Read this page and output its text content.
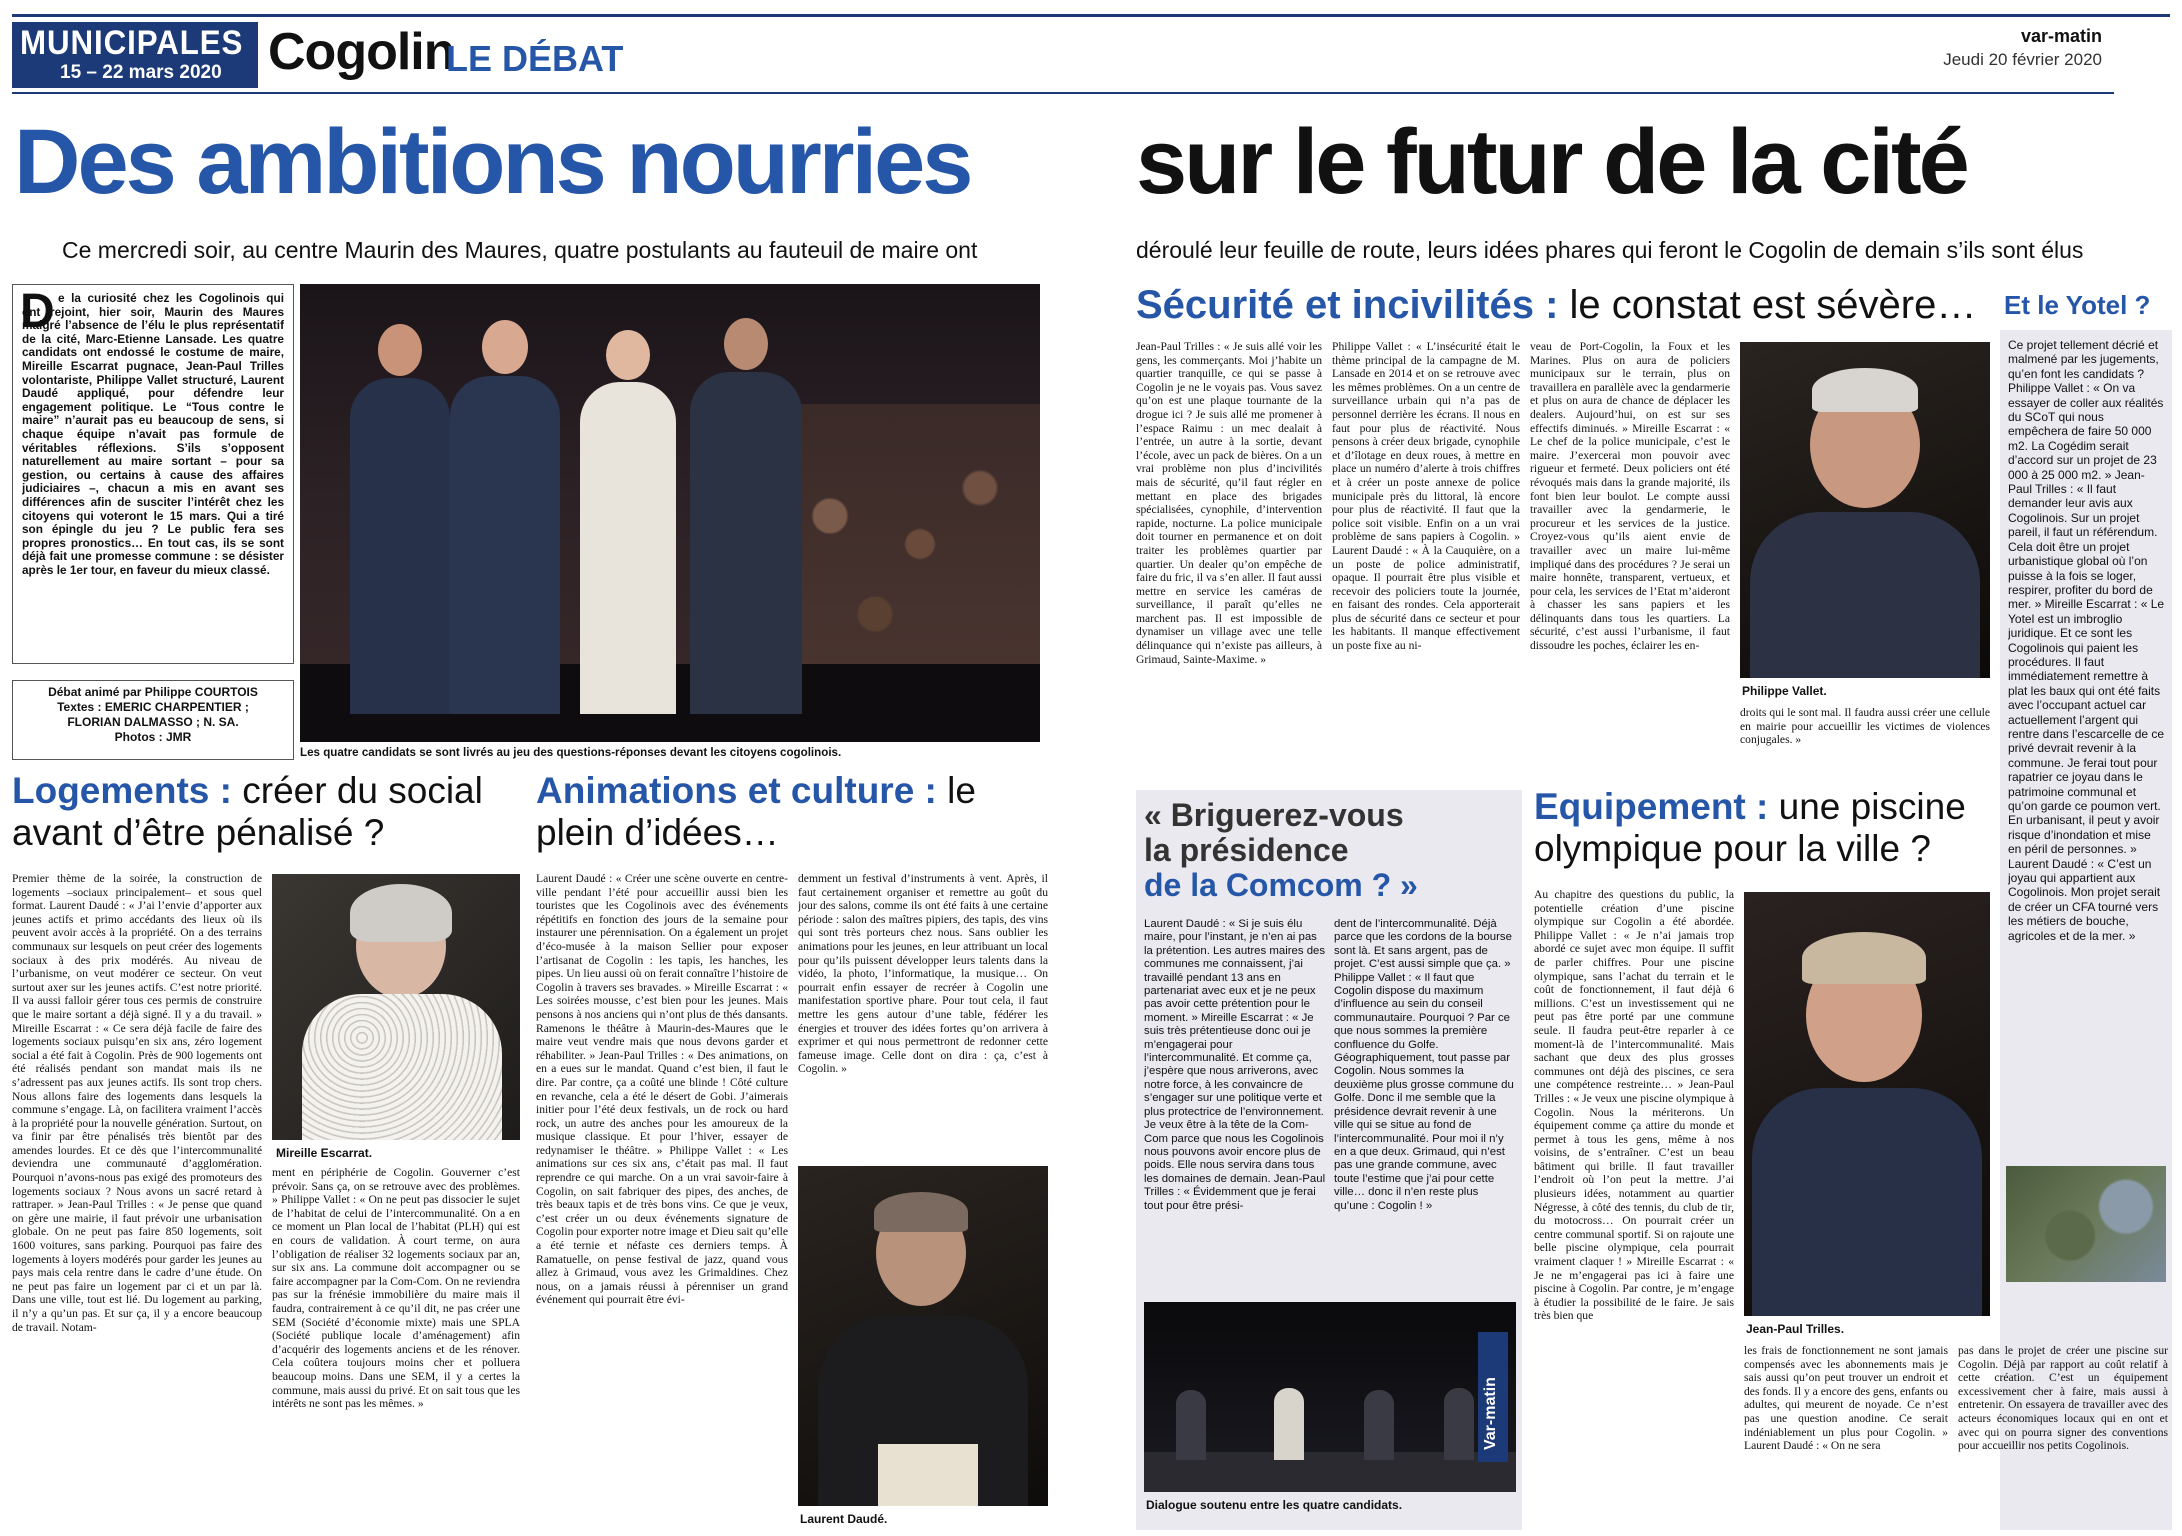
MUNICIPALES
15 – 22 mars 2020 Cogolin
LE DÉBAT
var-matin
Jeudi 20 février 2020
Des ambitions nourries sur le futur de la cité
Ce mercredi soir, au centre Maurin des Maures, quatre postulants au fauteuil de maire ont	déroulé leur feuille de route, leurs idées phares qui feront le Cogolin de demain s’ils sont élus
D e la curiosité chez les Cogolinois qui ont rejoint, hier soir, Maurin des Maures malgré l’absence de l’élu le plus représentatif de la cité, Marc-Etienne Lansade. Les quatre candidats ont endossé le costume de maire, Mireille Escarrat pugnace, Jean-Paul Trilles volontariste, Philippe Vallet structuré, Laurent Daudé appliqué, pour défendre leur engagement politique. Le “Tous contre le maire” n’aurait pas eu beaucoup de sens, si chaque équipe n’avait pas formule de véritables réflexions. S’ils s’opposent naturellement au maire sortant – pour sa gestion, ou certains à cause des affaires judiciaires –, chacun a mis en avant ses différences afin de susciter l’intérêt chez les citoyens qui voteront le 15 mars. Qui a tiré son épingle du jeu ? Le public fera ses propres pronostics… En tout cas, ils se sont déjà fait une promesse commune : se désister après le 1er tour, en faveur du mieux classé.
Débat animé par Philippe COURTOIS
Textes : EMERIC CHARPENTIER ;
FLORIAN DALMASSO ; N. SA.
Photos : JMR
Les quatre candidats se sont livrés au jeu des questions-réponses devant les citoyens cogolinois.
Logements : créer du social avant d’être pénalisé ?
Premier thème de la soirée, la construction de logements –sociaux principalement– et sous quel format. Laurent Daudé : « J’ai l’envie d’apporter aux jeunes actifs et primo accédants des lieux où ils peuvent avoir accès à la propriété. On a des terrains communaux sur lesquels on peut créer des logements sociaux à des prix modérés. Au niveau de l’urbanisme, on veut modérer ce secteur. On veut surtout axer sur les jeunes actifs. C’est notre priorité. Il va aussi falloir gérer tous ces permis de construire que le maire sortant a déjà signé. Il y a du travail. » Mireille Escarrat : « Ce sera déjà facile de faire des logements sociaux puisqu’en six ans, zéro logement social a été fait à Cogolin. Près de 900 logements ont été réalisés pendant son mandat mais ils ne s’adressent pas aux jeunes actifs. Ils sont trop chers. Nous allons faire des logements dans lesquels la commune s’engage. Là, on facilitera vraiment l’accès à la propriété pour la nouvelle génération. Surtout, on va finir par être pénalisés très bientôt par des amendes lourdes. Et ce dès que l’intercommunalité deviendra une communauté d’agglomération. Pourquoi n’avons-nous pas exigé des promoteurs des logements sociaux ? Nous avons un sacré retard à rattraper. » Jean-Paul Trilles : « Je pense que quand on gère une mairie, il faut prévoir une urbanisation globale. On ne peut pas faire 850 logements, soit 1600 voitures, sans parking. Pourquoi pas faire des logements à loyers modérés pour garder les jeunes au pays mais cela rentre dans le cadre d’une étude. On ne peut pas faire un logement par ci et un par là. Dans une ville, tout est lié. Du logement au parking, il n’y a qu’un pas. Et sur ça, il y a encore beaucoup de travail. Notam-
Mireille Escarrat.
ment en périphérie de Cogolin. Gouverner c’est prévoir. Sans ça, on se retrouve avec des problèmes. » Philippe Vallet : « On ne peut pas dissocier le sujet de l’habitat de celui de l’intercommunalité. On a en ce moment un Plan local de l’habitat (PLH) qui est en cours de validation. À court terme, on aura l’obligation de réaliser 32 logements sociaux par an, sur six ans. La commune doit accompagner ou se faire accompagner par la Com-Com. On ne reviendra pas sur la frénésie immobilière du maire mais il faudra, contrairement à ce qu’il dit, ne pas créer une SEM (Société d’économie mixte) mais une SPLA (Société publique locale d’aménagement) afin d’acquérir des logements anciens et de les rénover. Cela coûtera toujours moins cher et polluera beaucoup moins. Dans une SEM, il y a certes la commune, mais aussi du privé. Et on sait tous que les intérêts ne sont pas les mêmes. »
Animations et culture : le plein d’idées…
Laurent Daudé : « Créer une scène ouverte en centre-ville pendant l’été pour accueillir aussi bien les touristes que les Cogolinois avec des événements répétitifs en fonction des jours de la semaine pour instaurer une pérennisation. On a également un projet d’éco-musée à la maison Sellier pour exposer l’artisanat de Cogolin : les tapis, les hanches, les pipes. Un lieu aussi où on ferait connaître l’histoire de Cogolin à travers ses bravades. » Mireille Escarrat : « Les soirées mousse, c’est bien pour les jeunes. Mais pensons à nos anciens qui n’ont plus de thés dansants. Ramenons le théâtre à Maurin-des-Maures que le maire veut vendre mais que nous devons garder et réhabiliter. » Jean-Paul Trilles : « Des animations, on en a eues sur le mandat. Quand c’est bien, il faut le dire. Par contre, ça a coûté une blinde ! Côté culture en revanche, cela a été le désert de Gobi. J’aimerais initier pour l’été deux festivals, un de rock ou hard rock, un autre des anches pour les amoureux de la musique classique. Et pour l’hiver, essayer de redynamiser le théâtre. » Philippe Vallet : « Les animations sur ces six ans, c’était pas mal. Il faut reprendre ce qui marche. On a un vrai savoir-faire à Cogolin, on sait fabriquer des pipes, des anches, de très beaux tapis et de très bons vins. Ce que je veux, c’est créer un ou deux événements signature de Cogolin pour exporter notre image et Dieu sait qu’elle a été ternie et néfaste ces derniers temps. À Ramatuelle, on pense festival de jazz, quand vous allez à Grimaud, vous avez les Grimaldines. Chez nous, on a jamais réussi à pérenniser un grand événement qui pourrait être évi-
demment un festival d’instruments à vent. Après, il faut certainement organiser et remettre au goût du jour des salons, comme ils ont été faits à une certaine période : salon des maîtres pipiers, des tapis, des vins qui sont très porteurs chez nous. Sans oublier les animations pour les jeunes, en leur attribuant un local pour qu’ils puissent développer leurs talents dans la vidéo, la photo, l’informatique, la musique… On pourrait enfin essayer de recréer à Cogolin une manifestation sportive phare. Pour tout cela, il faut mettre les gens autour d’une table, fédérer les énergies et trouver des idées fortes qu’on arrivera à exprimer et qui nous permettront de redonner cette fameuse image. Celle dont on dira : ça, c’est à Cogolin. »
Laurent Daudé.
Sécurité et incivilités : le constat est sévère…
Jean-Paul Trilles : « Je suis allé voir les gens, les commerçants. Moi j’habite un quartier tranquille, ce qui se passe à Cogolin je ne le voyais pas. Vous savez qu’on est une plaque tournante de la drogue ici ? Je suis allé me promener à l’espace Raimu : un mec dealait à l’entrée, un autre à la sortie, devant l’école, avec un pack de bières. On a un vrai problème non plus d’incivilités mais de sécurité, qu’il faut régler en mettant en place des brigades spécialisées, cynophile, d’intervention rapide, nocturne. La police municipale doit tourner en permanence et on doit traiter les problèmes quartier par quartier. Un dealer qu’on empêche de faire du fric, il va s’en aller. Il faut aussi mettre en service les caméras de surveillance, il paraît qu’elles ne marchent pas. Il est impossible de dynamiser un village avec une telle délinquance qui n’existe pas ailleurs, à Grimaud, Sainte-Maxime. »
Philippe Vallet : « L’insécurité était le thème principal de la campagne de M. Lansade en 2014 et on se retrouve avec les mêmes problèmes. On a un centre de surveillance urbain qui n’a pas de personnel derrière les écrans. Il nous en faut pour plus de réactivité. Nous pensons à créer deux brigade, cynophile et d’îlotage en deux roues, à mettre en place un numéro d’alerte à trois chiffres et à créer un poste annexe de police municipale près du littoral, là encore pour plus de réactivité. Il faut que la police soit visible. Enfin on a un vrai problème de sans papiers à Cogolin. » Laurent Daudé : « À la Cauquière, on a un poste de police administratif, opaque. Il pourrait être plus visible et recevoir des policiers toute la journée, en faisant des rondes. Cela apporterait plus de sécurité dans ce secteur et pour les habitants. Il manque effectivement un poste fixe au ni-
veau de Port-Cogolin, la Foux et les Marines. Plus on aura de policiers municipaux sur le terrain, plus on travaillera en parallèle avec la gendarmerie et plus on aura de chance de déplacer les dealers. Aujourd’hui, on est sur ses effectifs diminués. » Mireille Escarrat : « Le chef de la police municipale, c’est le maire. J’exercerai mon pouvoir avec rigueur et fermeté. Deux policiers ont été révoqués mais dans la grande majorité, ils font bien leur boulot. Le compte aussi travailler avec la gendarmerie, le procureur et les services de la justice. Croyez-vous qu’ils aient envie de travailler avec un maire lui-même impliqué dans des procédures ? Je serai un maire honnête, transparent, vertueux, et pour cela, les services de l’Etat m’aideront à chasser les sans papiers et les délinquants dans tous les quartiers. La sécurité, c’est aussi l’urbanisme, il faut dissoudre les poches, éclairer les en-
Philippe Vallet.
droits qui le sont mal. Il faudra aussi créer une cellule en mairie pour accueillir les victimes de violences conjugales. »
Et le Yotel ?
Ce projet tellement décrié et malmené par les jugements, qu’en font les candidats ? Philippe Vallet : « On va essayer de coller aux réalités du SCoT qui nous empêchera de faire 50 000 m2. La Cogédim serait d’accord sur un projet de 23 000 à 25 000 m2. » Jean-Paul Trilles : « Il faut demander leur avis aux Cogolinois. Sur un projet pareil, il faut un référendum. Cela doit être un projet urbanistique global où l’on puisse à la fois se loger, respirer, profiter du bord de mer. » Mireille Escarrat : « Le Yotel est un imbroglio juridique. Et ce sont les Cogolinois qui paient les procédures. Il faut immédiatement remettre à plat les baux qui ont été faits avec l’occupant actuel car actuellement l’argent qui rentre dans l’escarcelle de ce privé devrait revenir à la commune. Je ferai tout pour rapatrier ce joyau dans le patrimoine communal et qu’on garde ce poumon vert. En urbanisant, il peut y avoir risque d’inondation et mise en péril de personnes. » Laurent Daudé : « C’est un joyau qui appartient aux Cogolinois. Mon projet serait de créer un CFA tourné vers les métiers de bouche, agricoles et de la mer. »
« Briguerez-vous
la présidence
de la Comcom ? »
Laurent Daudé : « Si je suis élu maire, pour l’instant, je n’en ai pas la prétention. Les autres maires des communes me connaissent, j’ai travaillé pendant 13 ans en partenariat avec eux et je ne peux pas avoir cette prétention pour le moment. » Mireille Escarrat : « Je suis très prétentieuse donc oui je m’engagerai pour l’intercommunalité. Et comme ça, j’espère que nous arriverons, avec notre force, à les convaincre de s’engager sur une politique verte et plus protectrice de l’environnement. Je veux être à la tête de la Com-Com parce que nous les Cogolinois nous pouvons avoir encore plus de poids. Elle nous servira dans tous les domaines de demain. Jean-Paul Trilles : « Évidemment que je ferai tout pour être prési-
dent de l’intercommunalité. Déjà parce que les cordons de la bourse sont là. Et sans argent, pas de projet. C’est aussi simple que ça. » Philippe Vallet : « Il faut que Cogolin dispose du maximum d’influence au sein du conseil communautaire. Pourquoi ? Par ce que nous sommes la première confluence du Golfe. Géographiquement, tout passe par Cogolin. Nous sommes la deuxième plus grosse commune du Golfe. Donc il me semble que la présidence devrait revenir à une ville qui se situe au fond de l’intercommunalité. Pour moi il n’y en a que deux. Grimaud, qui n’est pas une grande commune, avec toute l’estime que j’ai pour cette ville… donc il n’en reste plus qu’une : Cogolin ! »
Var-matin
Dialogue soutenu entre les quatre candidats.
Equipement : une piscine olympique pour la ville ?
Au chapitre des questions du public, la potentielle création d’une piscine olympique sur Cogolin a été abordée. Philippe Vallet : « Je n’ai jamais trop abordé ce sujet avec mon équipe. Il suffit de parler chiffres. Pour une piscine olympique, sans l’achat du terrain et le coût de fonctionnement, il faut déjà 6 millions. C’est un investissement qui ne peut pas être porté par une commune seule. Il faudra peut-être reparler à ce moment-là de l’intercommunalité. Mais sachant que deux des plus grosses communes ont déjà des piscines, ce sera une compétence restreinte… » Jean-Paul Trilles : « Je veux une piscine olympique à Cogolin. Nous la mériterons. Un équipement comme ça attire du monde et permet à tous les gens, même à nos voisins, de s’entraîner. C’est un beau bâtiment qui brille. Il faut travailler l’endroit où l’on peut la mettre. J’ai plusieurs idées, notamment au quartier Négresse, à côté des tennis, du club de tir, du motocross… On pourrait créer un centre communal sportif. Si on rajoute une belle piscine olympique, cela pourrait vraiment claquer ! » Mireille Escarrat : « Je ne m’engagerai pas ici à faire une piscine à Cogolin. Par contre, je m’engage à étudier la possibilité de le faire. Je sais très bien que
Jean-Paul Trilles.
les frais de fonctionnement ne sont jamais compensés avec les abonnements mais je sais aussi qu’on peut trouver un endroit et des fonds. Il y a encore des gens, enfants ou adultes, qui meurent de noyade. Ce n’est pas une question anodine. Ce serait indéniablement un plus pour Cogolin. » Laurent Daudé : « On ne sera
pas dans le projet de créer une piscine sur Cogolin. Déjà par rapport au coût relatif à cette création. C’est un équipement excessivement cher à faire, mais aussi à entretenir. On essayera de travailler avec des acteurs économiques locaux qui en ont et avec qui on pourra signer des conventions pour accueillir nos petits Cogolinois.
